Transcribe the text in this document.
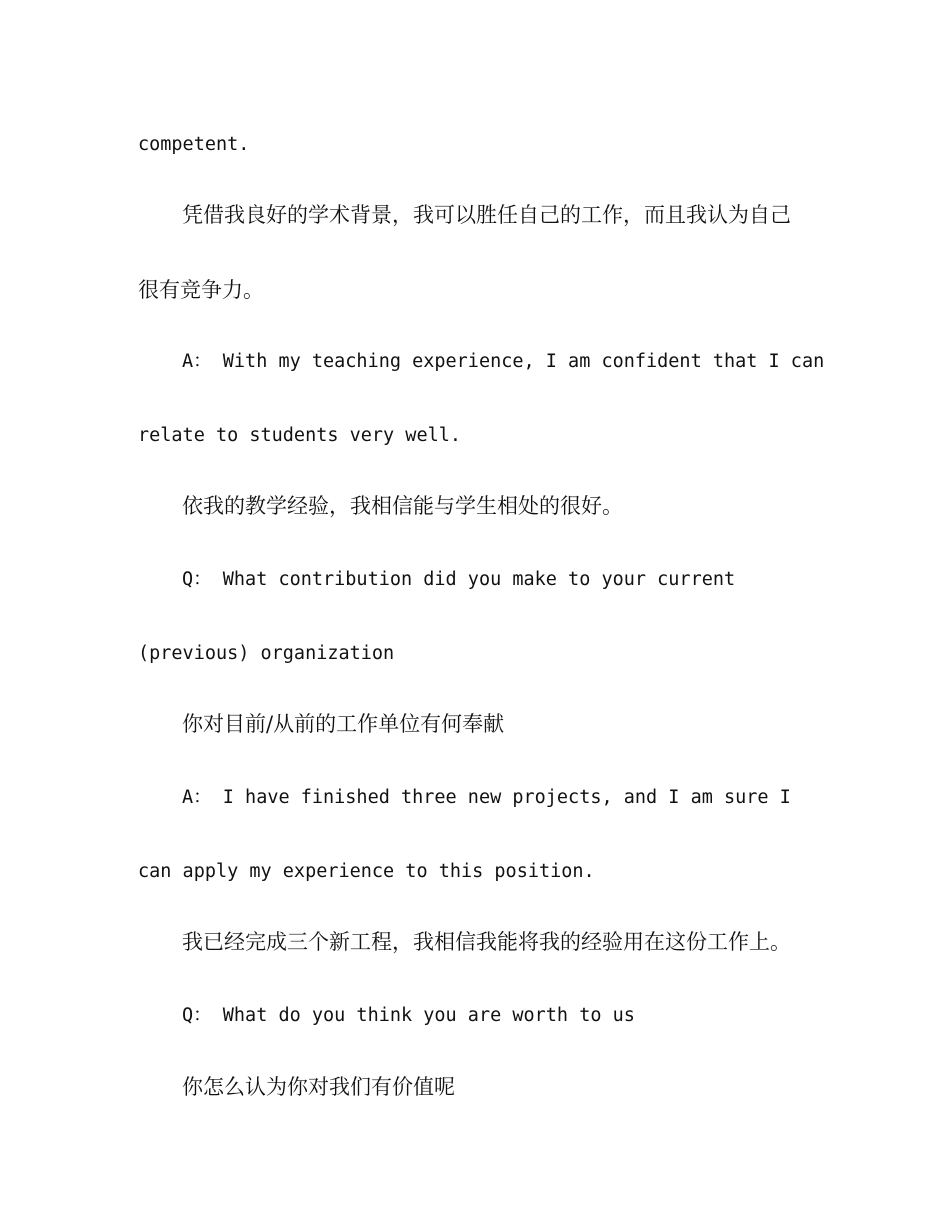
competent.
凭借我良好的学术背景，我可以胜任自己的工作，而且我认为自己
很有竞争力。
A： With my teaching experience, I am confident that I can
relate to students very well.
依我的教学经验，我相信能与学生相处的很好。
Q： What contribution did you make to your current
(previous) organization
你对目前/从前的工作单位有何奉献
A： I have finished three new projects, and I am sure I
can apply my experience to this position.
我已经完成三个新工程，我相信我能将我的经验用在这份工作上。
Q： What do you think you are worth to us
你怎么认为你对我们有价值呢
